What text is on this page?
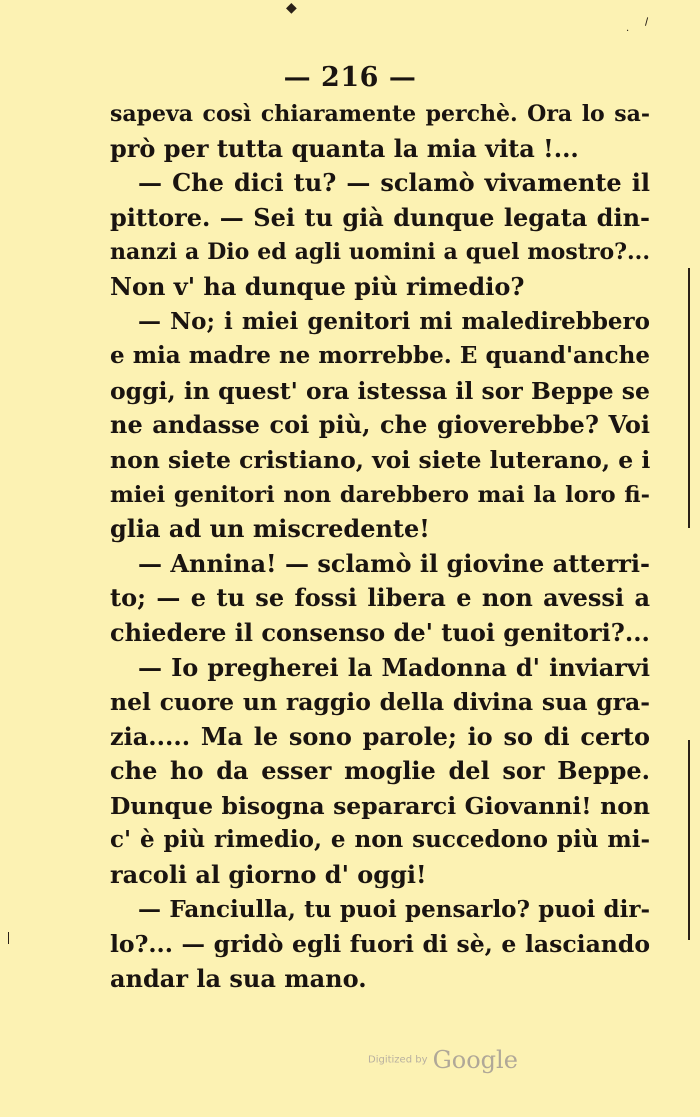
◆	⸝
·
— 216 —
sapeva così chiaramente perchè. Ora lo sa-
prò per tutta quanta la mia vita !...
— Che dici tu? — sclamò vivamente il
pittore. — Sei tu già dunque legata din-
nanzi a Dio ed agli uomini a quel mostro?...
Non v' ha dunque più rimedio?
— No; i miei genitori mi maledirebbero
e mia madre ne morrebbe. E quand'anche
oggi, in quest' ora istessa il sor Beppe se
ne andasse coi più, che gioverebbe? Voi
non siete cristiano, voi siete luterano, e i
miei genitori non darebbero mai la loro fi-
glia ad un miscredente!
— Annina! — sclamò il giovine atterri-
to; — e tu se fossi libera e non avessi a
chiedere il consenso de' tuoi genitori?...
— Io pregherei la Madonna d' inviarvi
nel cuore un raggio della divina sua gra-
zia..... Ma le sono parole; io so di certo
che ho da esser moglie del sor Beppe.
Dunque bisogna separarci Giovanni! non
c' è più rimedio, e non succedono più mi-
racoli al giorno d' oggi!
— Fanciulla, tu puoi pensarlo? puoi dir-
lo?... — gridò egli fuori di sè, e lasciando
andar la sua mano.
Digitized by Google
